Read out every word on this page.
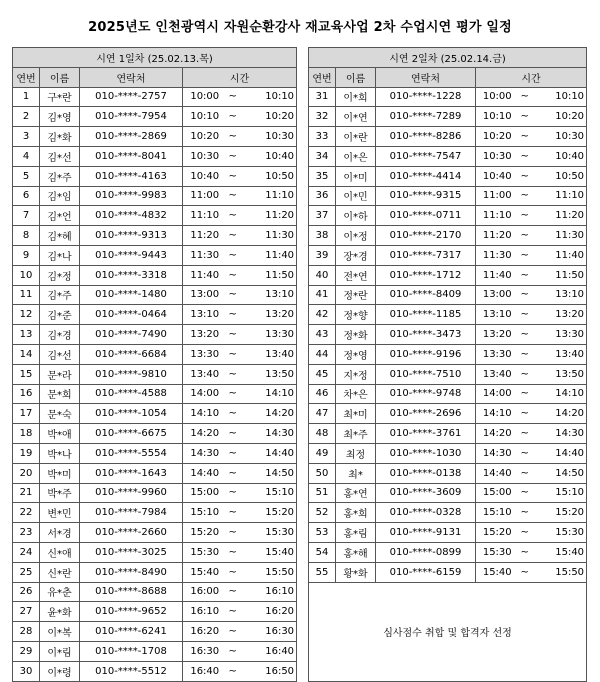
2025년도 인천광역시 자원순환강사 재교육사업 2차 수업시연 평가 일정
시연 1일차 (25.02.13.목)					
연번	이름	연락처	시간		
1	구*란	010-****-2757	10:00	~	10:10
2	김*영	010-****-7954	10:10	~	10:20
3	김*화	010-****-2869	10:20	~	10:30
4	김*선	010-****-8041	10:30	~	10:40
5	김*주	010-****-4163	10:40	~	10:50
6	김*임	010-****-9983	11:00	~	11:10
7	김*언	010-****-4832	11:10	~	11:20
8	김*혜	010-****-9313	11:20	~	11:30
9	김*나	010-****-9443	11:30	~	11:40
10	김*정	010-****-3318	11:40	~	11:50
11	김*주	010-****-1480	13:00	~	13:10
12	김*준	010-****-0464	13:10	~	13:20
13	김*경	010-****-7490	13:20	~	13:30
14	김*선	010-****-6684	13:30	~	13:40
15	문*라	010-****-9810	13:40	~	13:50
16	문*희	010-****-4588	14:00	~	14:10
17	문*숙	010-****-1054	14:10	~	14:20
18	박*애	010-****-6675	14:20	~	14:30
19	박*나	010-****-5554	14:30	~	14:40
20	박*미	010-****-1643	14:40	~	14:50
21	박*주	010-****-9960	15:00	~	15:10
22	변*민	010-****-7984	15:10	~	15:20
23	서*경	010-****-2660	15:20	~	15:30
24	신*애	010-****-3025	15:30	~	15:40
25	신*란	010-****-8490	15:40	~	15:50
26	유*춘	010-****-8688	16:00	~	16:10
27	윤*화	010-****-9652	16:10	~	16:20
28	이*복	010-****-6241	16:20	~	16:30
29	이*림	010-****-1708	16:30	~	16:40
30	이*령	010-****-5512	16:40	~	16:50
시연 2일차 (25.02.14.금)					
연번	이름	연락처	시간		
31	이*희	010-****-1228	10:00	~	10:10
32	이*연	010-****-7289	10:10	~	10:20
33	이*란	010-****-8286	10:20	~	10:30
34	이*은	010-****-7547	10:30	~	10:40
35	이*미	010-****-4414	10:40	~	10:50
36	이*민	010-****-9315	11:00	~	11:10
37	이*하	010-****-0711	11:10	~	11:20
38	이*정	010-****-2170	11:20	~	11:30
39	장*경	010-****-7317	11:30	~	11:40
40	전*연	010-****-1712	11:40	~	11:50
41	정*란	010-****-8409	13:00	~	13:10
42	정*향	010-****-1185	13:10	~	13:20
43	정*화	010-****-3473	13:20	~	13:30
44	정*영	010-****-9196	13:30	~	13:40
45	지*정	010-****-7510	13:40	~	13:50
46	차*은	010-****-9748	14:00	~	14:10
47	최*미	010-****-2696	14:10	~	14:20
48	최*주	010-****-3761	14:20	~	14:30
49	최정	010-****-1030	14:30	~	14:40
50	최*	010-****-0138	14:40	~	14:50
51	홍*연	010-****-3609	15:00	~	15:10
52	홍*희	010-****-0328	15:10	~	15:20
53	홍*림	010-****-9131	15:20	~	15:30
54	홍*해	010-****-0899	15:30	~	15:40
55	황*화	010-****-6159	15:40	~	15:50
심사점수 취합 및 합격자 선정					
